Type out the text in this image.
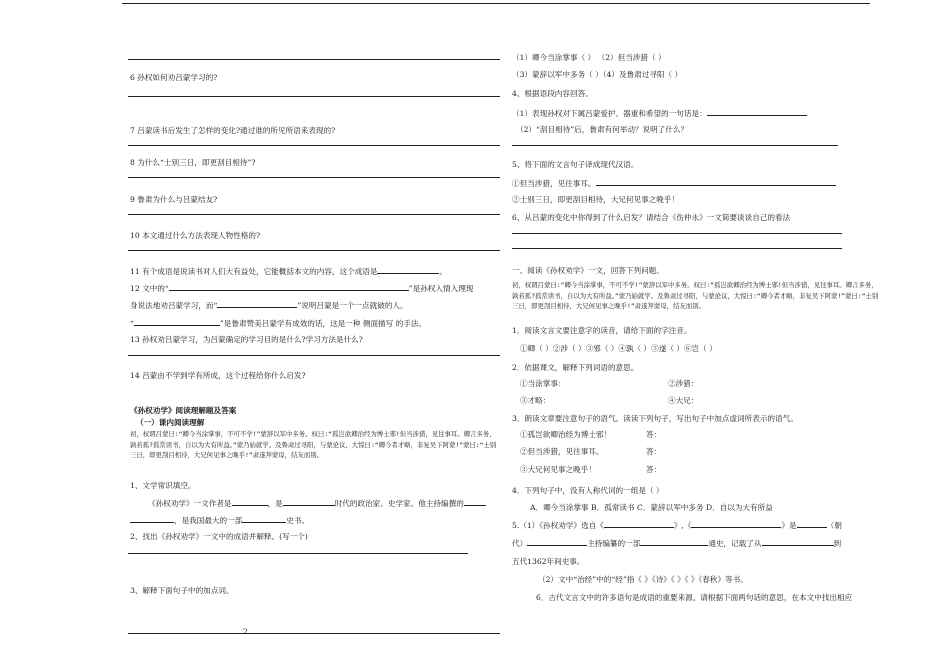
6 孙权如何劝吕蒙学习的?
7 吕蒙读书后发生了怎样的变化?通过谁的所见所语来表现的?
8 为什么“士别三日，即更刮目相待”?
9 鲁肃为什么与吕蒙结友?
10 本文通过什么方法表现人物性格的?
11 有个成语是说读书对人们大有益处，它能概括本文的内容，这个成语是	。
12 文中的“	”是孙权入情入理现
身说法地劝吕蒙学习，而“	”说明吕蒙是一个一点就破的人。
“	”是鲁肃赞美吕蒙学有成效的话，这是一种 侧面描写 的手法。
13 孙权劝吕蒙学习，为吕蒙确定的学习目的是什么?学习方法是什么?
14 吕蒙由不学到学有所成，这个过程给你什么启发?
《孙权劝学》阅读理解题及答案
（一）课内阅读理解
初，权谓吕蒙曰:“卿今当涂掌事，不可不学!”蒙辞以军中多务。权曰:“孤岂欲卿治经为博士邪!但当涉猎，见往事耳。卿言多务，孰若孤?孤常读书，自以为大有所益。”蒙乃始就学。及鲁肃过寻阳，与蒙论议，大惊曰:“卿今者才略，非复吴下阿蒙!”蒙曰:“士别三日，即更刮目相待，大兄何见事之晚乎!”肃遂拜蒙母，结友而别。
1、文学常识填空。
《孙权劝学》一文作者是	，是	时代的政治家、史学家。他主持编撰的
，是我国最大的一部	史书。
2、找出《孙权劝学》一文中的成语并解释。(写一个)
3、解释下面句子中的加点词。
2
（1）卿今当涂掌事（ ） （2）但当涉猎（ ）
（3）蒙辞以军中多务（ ）（4）及鲁肃过寻阳（ ）
4、根据语段内容回答。
（1）表现孙权对下属吕蒙爱护、器重和希望的一句话是：
（2）“刮目相待”后，鲁肃有何举动？说明了什么？
5、将下面的文言句子译成现代汉语。
①但当涉猎，见往事耳。
②士别三日，即更刮目相待，大兄何见事之晚乎！
6、从吕蒙的变化中你得到了什么启发？请结合《伤仲永》一文简要谈谈自己的看法
一、阅读《孙权劝学》一文，回答下列问题。
初，权谓吕蒙曰:“卿今当涂掌事，不可不学!”蒙辞以军中多务。权曰:“孤岂欲卿治经为博士邪!但当涉猎，见往事耳。卿言多务，孰若孤?孤常读书，自以为大有所益。”蒙乃始就学。及鲁肃过寻阳，与蒙论议，大惊曰:“卿今者才略，非复吴下阿蒙!”蒙曰:“士别三日，即更刮目相待，大兄何见事之晚乎!”肃遂拜蒙母，结友而别。
1．阅读文言文要注意字的读音，请给下面的字注音。
①卿（ ）②涉（ ）③邪（ ）④孰（ ）⑤遂（ ）⑥岂（ ）
2．依据课文，解释下列词语的意思。
①当涂掌事：	②涉猎：
③才略：	④大兄：
3．朗读文章要注意句子的语气。读读下列句子，写出句子中加点虚词所表示的语气。
①孤岂欲卿治经为博士邪！	答：
②但当涉猎，见往事耳。	答：
③大兄何见事之晚乎！	答：
4．下列句子中，没有人称代词的一组是（ ）
A．卿今当涂掌事 B．孤常读书 C．蒙辞以军中多务 D．自以为大有所益
5.（1）《孙权劝学》选自《	》,《	》是	（朝
代）	主持编纂的一部	通史，记载了从	到
五代1362年间史事。
（2）文中“治经”中的“经”指《 》《诗》《 》《 》《春秋》等书。
6．古代文言文中的许多语句是成语的重要来源，请根据下面两句话的意思，在本文中找出相应
